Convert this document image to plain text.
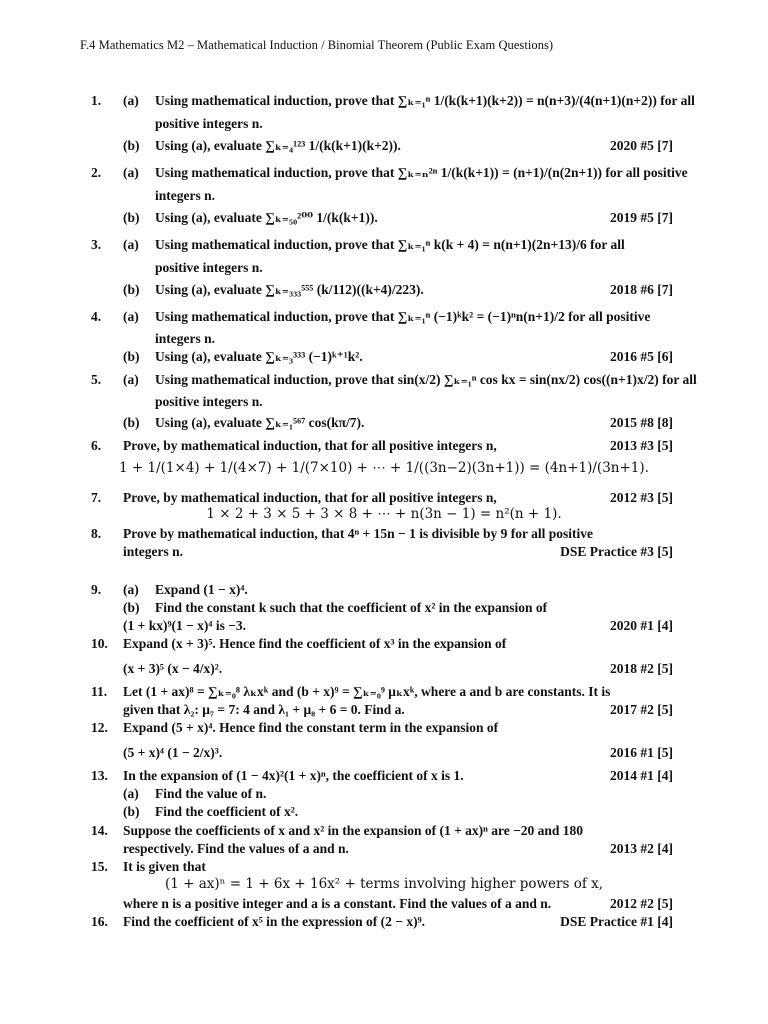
F.4 Mathematics M2 – Mathematical Induction / Binomial Theorem (Public Exam Questions)
1. (a) Using mathematical induction, prove that ∑ₖ₌₁ⁿ 1/(k(k+1)(k+2)) = n(n+3)/(4(n+1)(n+2)) for all
positive integers n.
(b) Using (a), evaluate ∑ₖ₌₄¹²³ 1/(k(k+1)(k+2)).	2020 #5 [7]
2. (a) Using mathematical induction, prove that ∑ₖ₌ₙ²ⁿ 1/(k(k+1)) = (n+1)/(n(2n+1)) for all positive
integers n.
(b) Using (a), evaluate ∑ₖ₌₅₀²⁰⁰ 1/(k(k+1)).	2019 #5 [7]
3. (a) Using mathematical induction, prove that ∑ₖ₌₁ⁿ k(k + 4) = n(n+1)(2n+13)/6 for all
positive integers n.
(b) Using (a), evaluate ∑ₖ₌₃₃₃⁵⁵⁵ (k/112)((k+4)/223).	2018 #6 [7]
4. (a) Using mathematical induction, prove that ∑ₖ₌₁ⁿ (−1)ᵏk² = (−1)ⁿn(n+1)/2 for all positive
integers n.
(b) Using (a), evaluate ∑ₖ₌₃³³³ (−1)ᵏ⁺¹k².	2016 #5 [6]
5. (a) Using mathematical induction, prove that sin(x/2) ∑ₖ₌₁ⁿ cos kx = sin(nx/2) cos((n+1)x/2) for all
positive integers n.
(b) Using (a), evaluate ∑ₖ₌₁⁵⁶⁷ cos(kπ/7).	2015 #8 [8]
6. Prove, by mathematical induction, that for all positive integers n,	2013 #3 [5]
1 + 1/(1×4) + 1/(4×7) + 1/(7×10) + ⋯ + 1/((3n−2)(3n+1)) = (4n+1)/(3n+1).
7. Prove, by mathematical induction, that for all positive integers n,	2012 #3 [5]
1 × 2 + 3 × 5 + 3 × 8 + ⋯ + n(3n − 1) = n²(n + 1).
8. Prove by mathematical induction, that 4ⁿ + 15n − 1 is divisible by 9 for all positive
integers n.	DSE Practice #3 [5]
9. (a) Expand (1 − x)⁴.
(b) Find the constant k such that the coefficient of x² in the expansion of
(1 + kx)⁹(1 − x)⁴ is −3.	2020 #1 [4]
10. Expand (x + 3)⁵. Hence find the coefficient of x³ in the expansion of
(x + 3)⁵ (x − 4/x)².	2018 #2 [5]
11. Let (1 + ax)⁸ = ∑ₖ₌₀⁸ λₖxᵏ and (b + x)⁹ = ∑ₖ₌₀⁹ μₖxᵏ, where a and b are constants. It is
given that λ₂: μ₇ = 7: 4 and λ₁ + μ₈ + 6 = 0. Find a.	2017 #2 [5]
12. Expand (5 + x)⁴. Hence find the constant term in the expansion of
(5 + x)⁴ (1 − 2/x)³.	2016 #1 [5]
13. In the expansion of (1 − 4x)²(1 + x)ⁿ, the coefficient of x is 1.	2014 #1 [4]
(a) Find the value of n.
(b) Find the coefficient of x².
14. Suppose the coefficients of x and x² in the expansion of (1 + ax)ⁿ are −20 and 180
respectively. Find the values of a and n.	2013 #2 [4]
15. It is given that
(1 + ax)ⁿ = 1 + 6x + 16x² + terms involving higher powers of x,
where n is a positive integer and a is a constant. Find the values of a and n.	2012 #2 [5]
16. Find the coefficient of x⁵ in the expression of (2 − x)⁹.	DSE Practice #1 [4]
